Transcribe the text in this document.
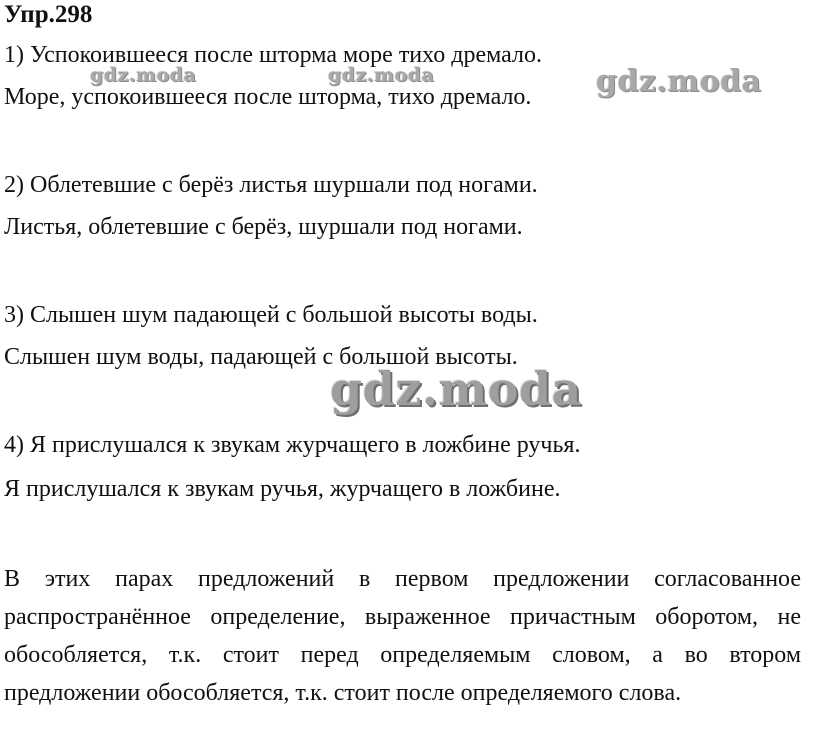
Упр.298
1) Успокоившееся после шторма море тихо дремало.
Море, успокоившееся после шторма, тихо дремало.
2) Облетевшие с берёз листья шуршали под ногами.
Листья, облетевшие с берёз, шуршали под ногами.
3) Слышен шум падающей с большой высоты воды.
Слышен шум воды, падающей с большой высоты.
4) Я прислушался к звукам журчащего в ложбине ручья.
Я прислушался к звукам ручья, журчащего в ложбине.

В этих парах предложений в первом предложении согласованное распространённое определение, выраженное причастным оборотом, не обособляется, т.к. стоит перед определяемым словом, а во втором предложении обособляется, т.к. стоит после определяемого слова.

gdz.moda	gdz.moda	gdz.moda
gdz.moda
